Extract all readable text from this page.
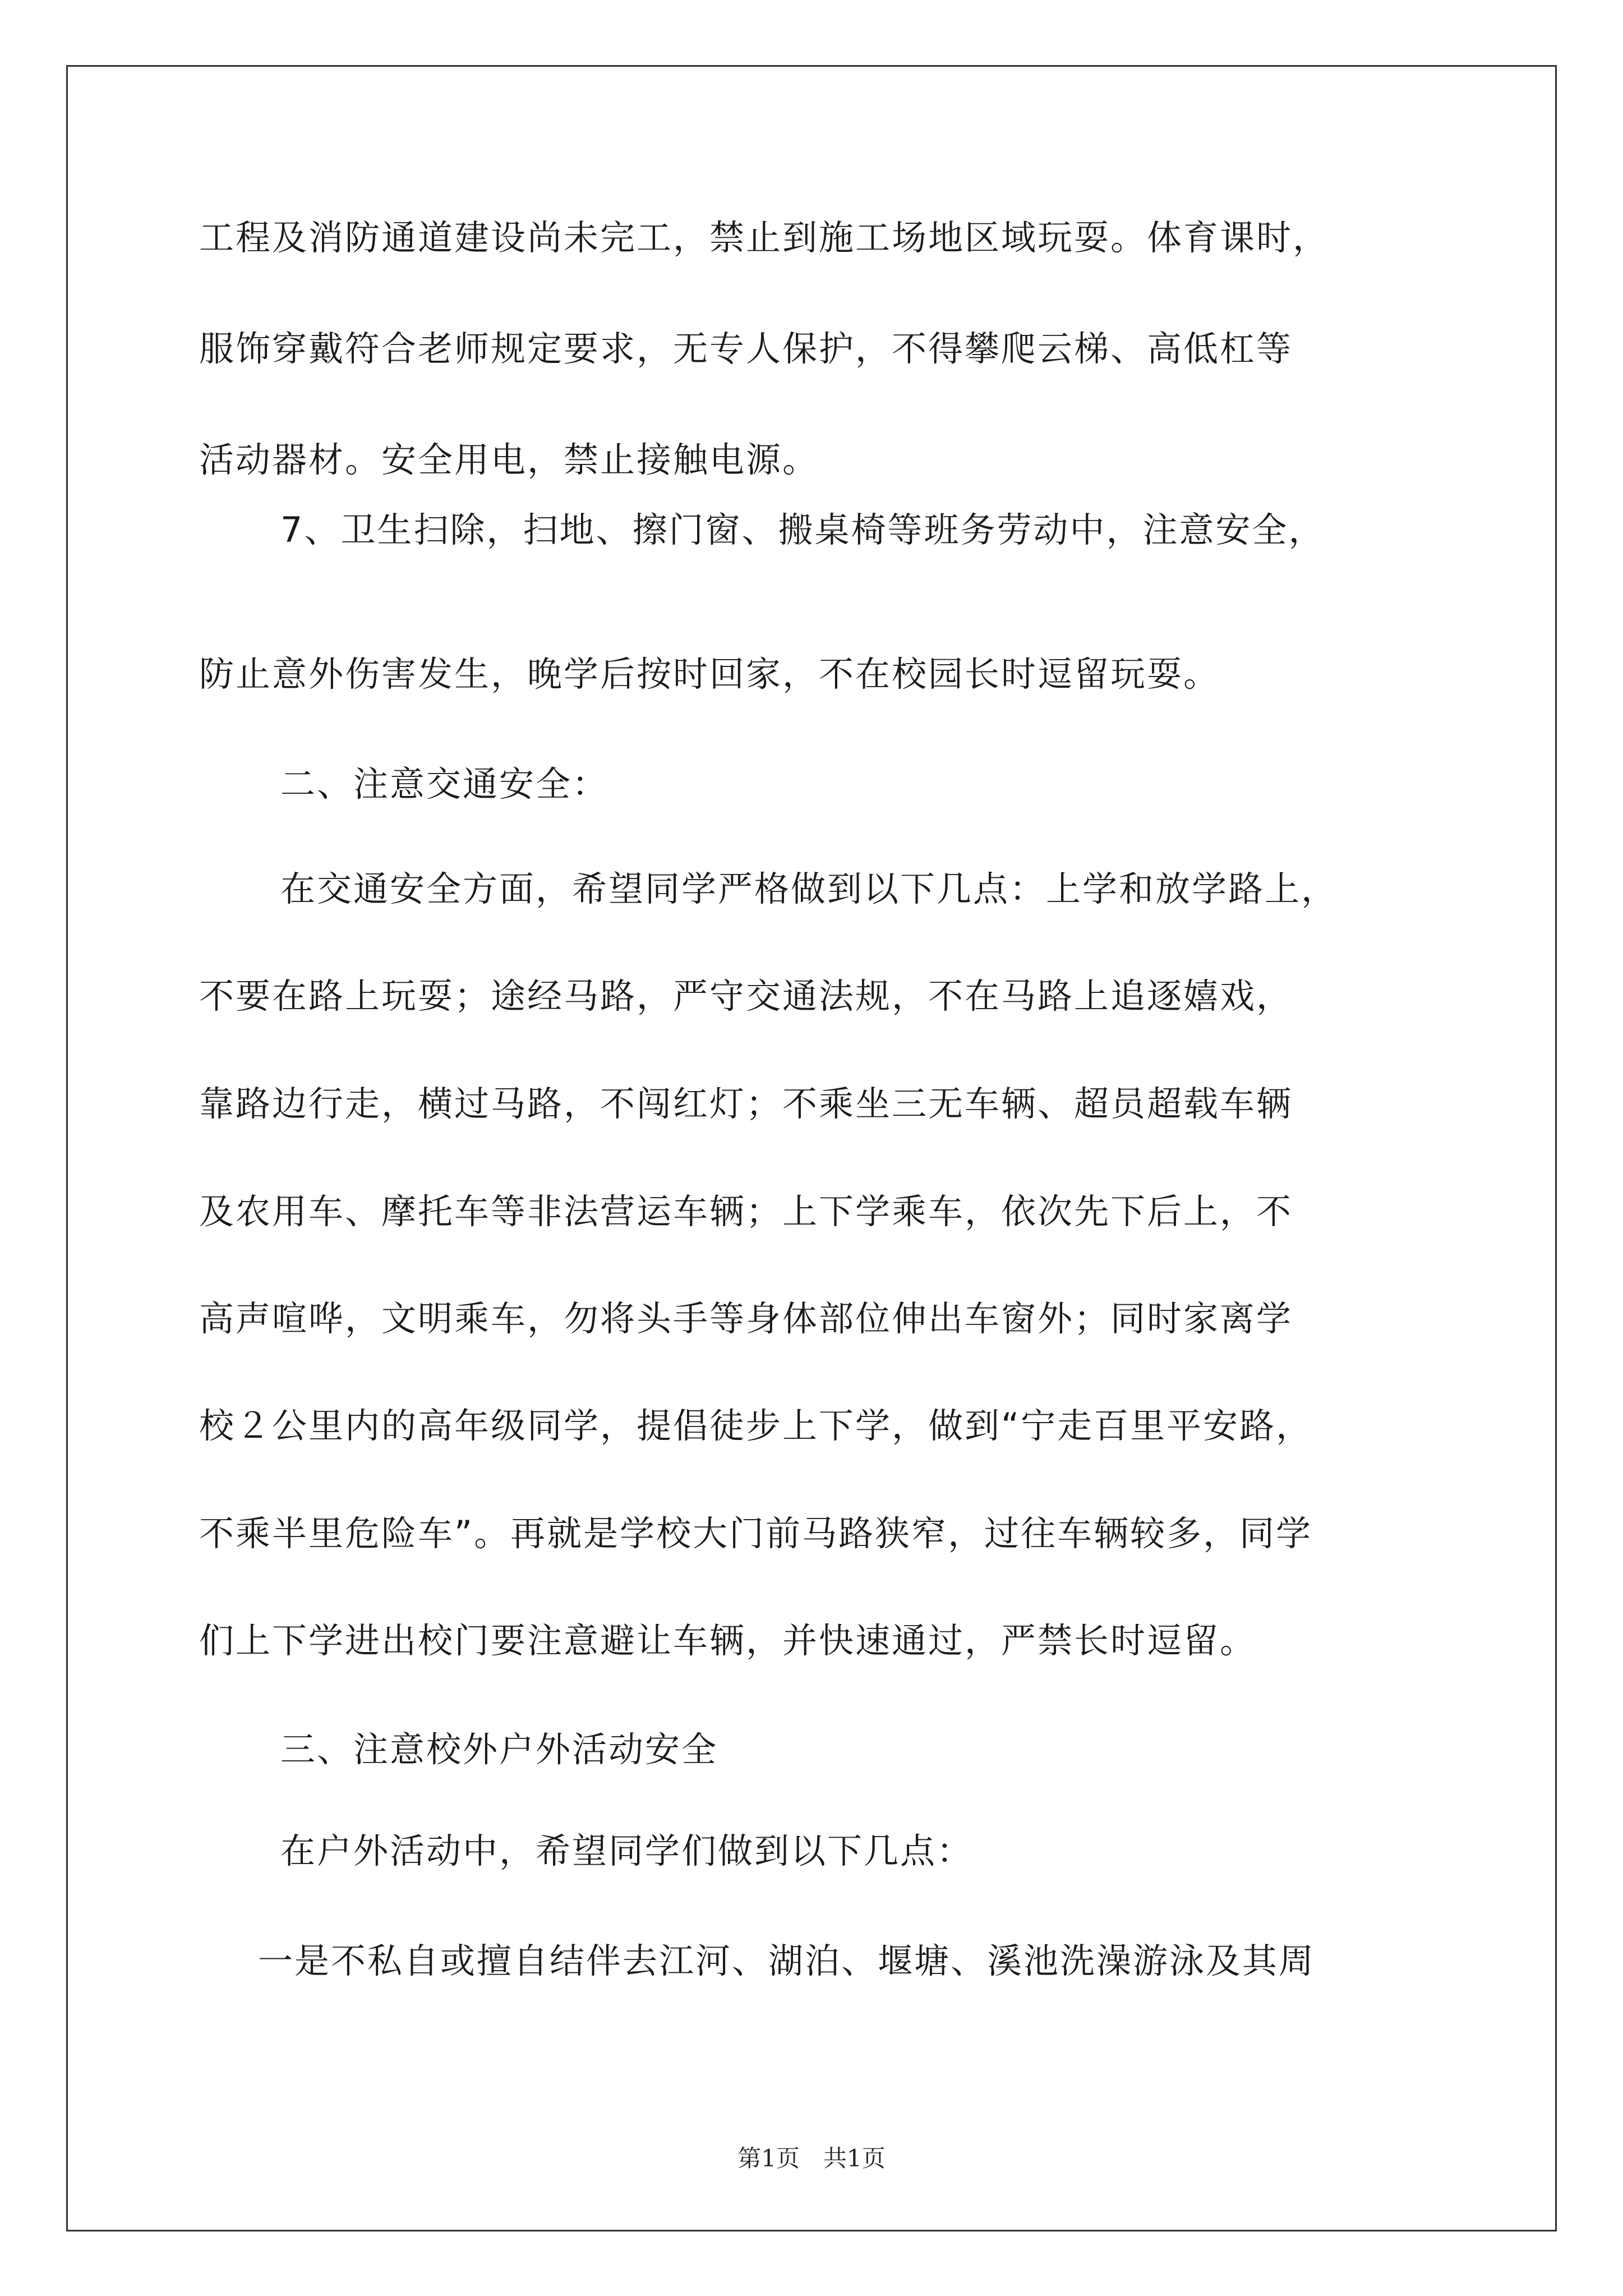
工程及消防通道建设尚未完工，禁止到施工场地区域玩耍。体育课时，

服饰穿戴符合老师规定要求，无专人保护，不得攀爬云梯、高低杠等

活动器材。安全用电，禁止接触电源。

7、卫生扫除，扫地、擦门窗、搬桌椅等班务劳动中，注意安全，

防止意外伤害发生，晚学后按时回家，不在校园长时逗留玩耍。

二、注意交通安全：

在交通安全方面，希望同学严格做到以下几点：上学和放学路上，

不要在路上玩耍；途经马路，严守交通法规，不在马路上追逐嬉戏，

靠路边行走，横过马路，不闯红灯；不乘坐三无车辆、超员超载车辆

及农用车、摩托车等非法营运车辆；上下学乘车，依次先下后上，不

高声喧哗，文明乘车，勿将头手等身体部位伸出车窗外；同时家离学

校２公里内的高年级同学，提倡徒步上下学，做到“宁走百里平安路，

不乘半里危险车”。再就是学校大门前马路狭窄，过往车辆较多，同学

们上下学进出校门要注意避让车辆，并快速通过，严禁长时逗留。

三、注意校外户外活动安全

在户外活动中，希望同学们做到以下几点：

一是不私自或擅自结伴去江河、湖泊、堰塘、溪池洗澡游泳及其周

第1页　共1页
